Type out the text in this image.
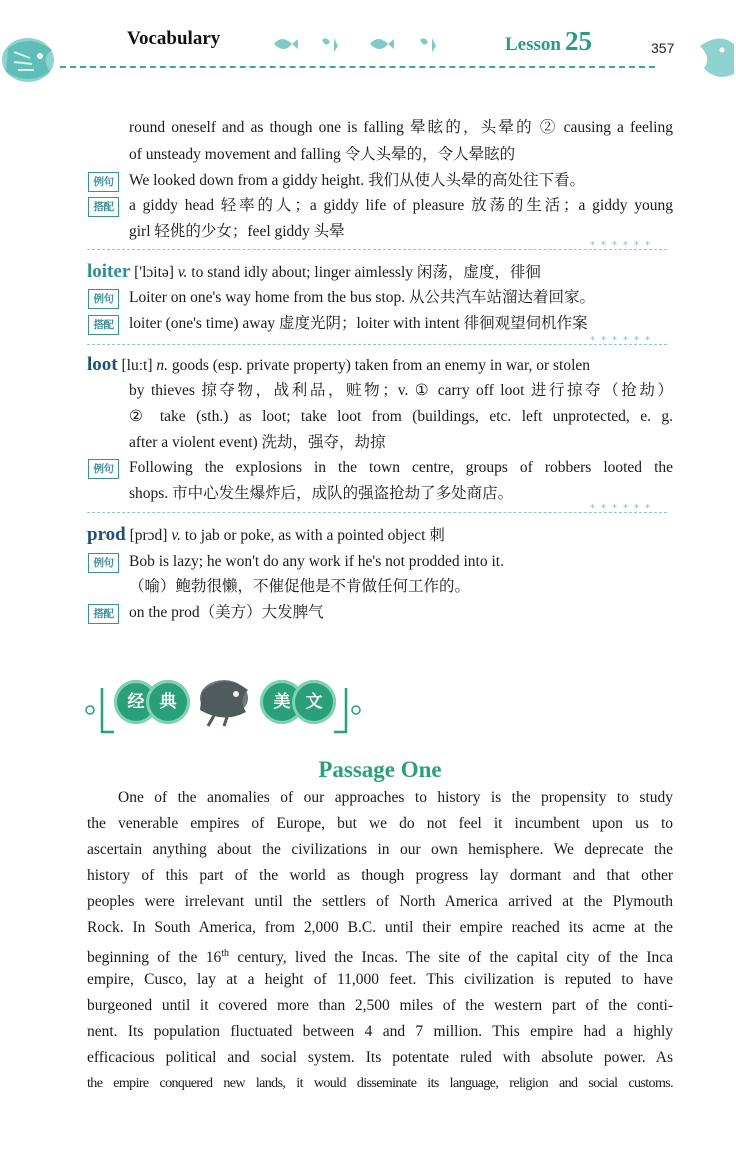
Vocabulary	Lesson 25	357
round oneself and as though one is falling 晕眩的，头晕的 ② causing a feeling
of unsteady movement and falling 令人头晕的，令人晕眩的
例句	We looked down from a giddy height. 我们从使人头晕的高处往下看。
搭配	a giddy head 轻率的人；a giddy life of pleasure 放荡的生活；a giddy young
girl 轻佻的少女；feel giddy 头晕
******
loiter ['lɔitə] v. to stand idly about; linger aimlessly 闲荡，虚度，徘徊
例句	Loiter on one's way home from the bus stop. 从公共汽车站溜达着回家。
搭配	loiter (one's time) away 虚度光阴；loiter with intent 徘徊观望伺机作案
******
loot [luːt] n. goods (esp. private property) taken from an enemy in war, or stolen
by thieves 掠夺物，战利品，赃物；v. ① carry off loot 进行掠夺（抢劫）
② take (sth.) as loot; take loot from (buildings, etc. left unprotected, e. g.
after a violent event) 洗劫，强夺，劫掠
例句	Following the explosions in the town centre, groups of robbers looted the
shops. 市中心发生爆炸后，成队的强盗抢劫了多处商店。
******
prod [prɔd] v. to jab or poke, as with a pointed object 刺
例句	Bob is lazy; he won't do any work if he's not prodded into it.
（喻）鲍勃很懒，不催促他是不肯做任何工作的。
搭配	on the prod（美方）大发脾气
经 典	美 文
Passage One
One of the anomalies of our approaches to history is the propensity to study
the venerable empires of Europe, but we do not feel it incumbent upon us to
ascertain anything about the civilizations in our own hemisphere. We deprecate the
history of this part of the world as though progress lay dormant and that other
peoples were irrelevant until the settlers of North America arrived at the Plymouth
Rock. In South America, from 2,000 B.C. until their empire reached its acme at the
beginning of the 16th century, lived the Incas. The site of the capital city of the Inca
empire, Cusco, lay at a height of 11,000 feet. This civilization is reputed to have
burgeoned until it covered more than 2,500 miles of the western part of the conti-
nent. Its population fluctuated between 4 and 7 million. This empire had a highly
efficacious political and social system. Its potentate ruled with absolute power. As
the empire conquered new lands, it would disseminate its language, religion and social customs.
